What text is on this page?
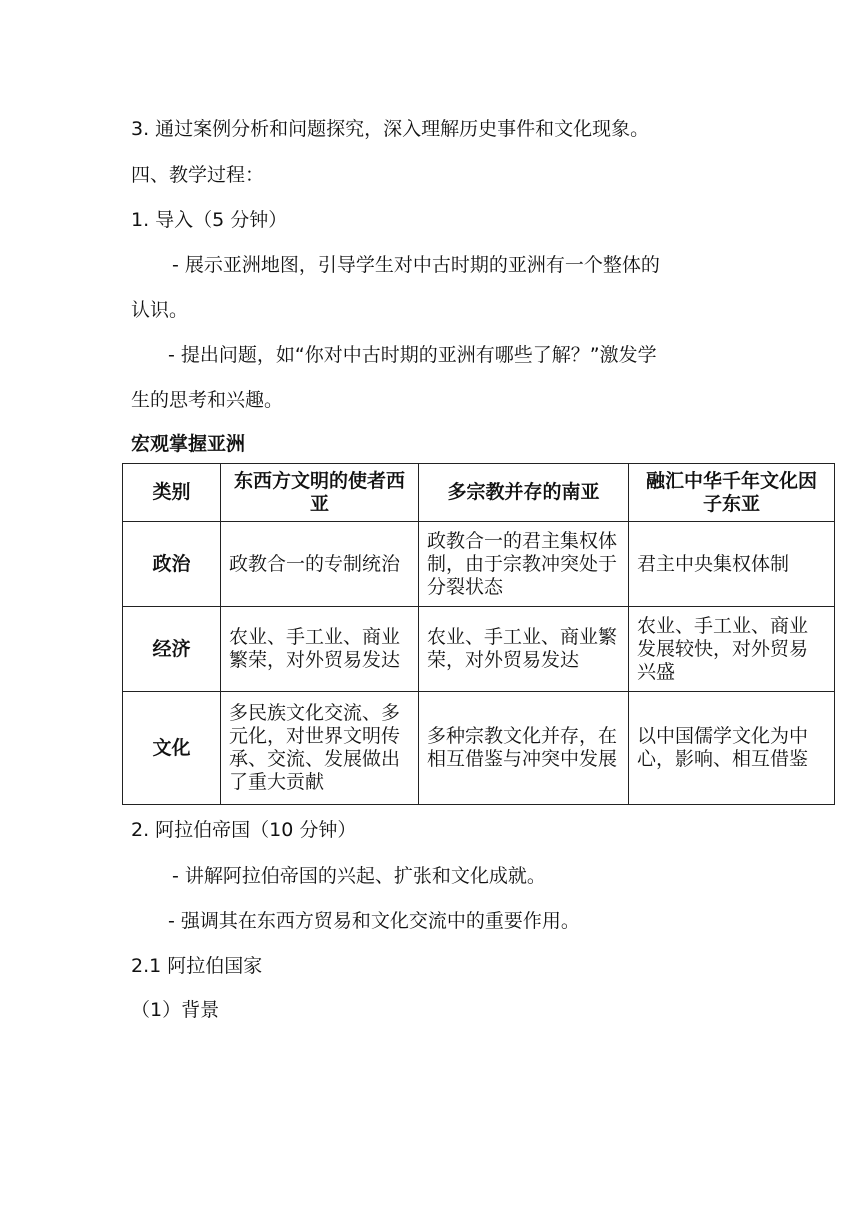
3. 通过案例分析和问题探究，深入理解历史事件和文化现象。
四、教学过程：
1. 导入（5 分钟）
- 展示亚洲地图，引导学生对中古时期的亚洲有一个整体的
认识。
- 提出问题，如“你对中古时期的亚洲有哪些了解？”激发学
生的思考和兴趣。
宏观掌握亚洲
类别	东西方文明的使者西亚	多宗教并存的南亚	融汇中华千年文化因子东亚
政治	政教合一的专制统治	政教合一的君主集权体制，由于宗教冲突处于分裂状态	君主中央集权体制
经济	农业、手工业、商业繁荣，对外贸易发达	农业、手工业、商业繁荣，对外贸易发达	农业、手工业、商业发展较快，对外贸易兴盛
文化	多民族文化交流、多元化，对世界文明传承、交流、发展做出了重大贡献	多种宗教文化并存，在相互借鉴与冲突中发展	以中国儒学文化为中心，影响、相互借鉴
2. 阿拉伯帝国（10 分钟）
- 讲解阿拉伯帝国的兴起、扩张和文化成就。
- 强调其在东西方贸易和文化交流中的重要作用。
2.1 阿拉伯国家
（1）背景
